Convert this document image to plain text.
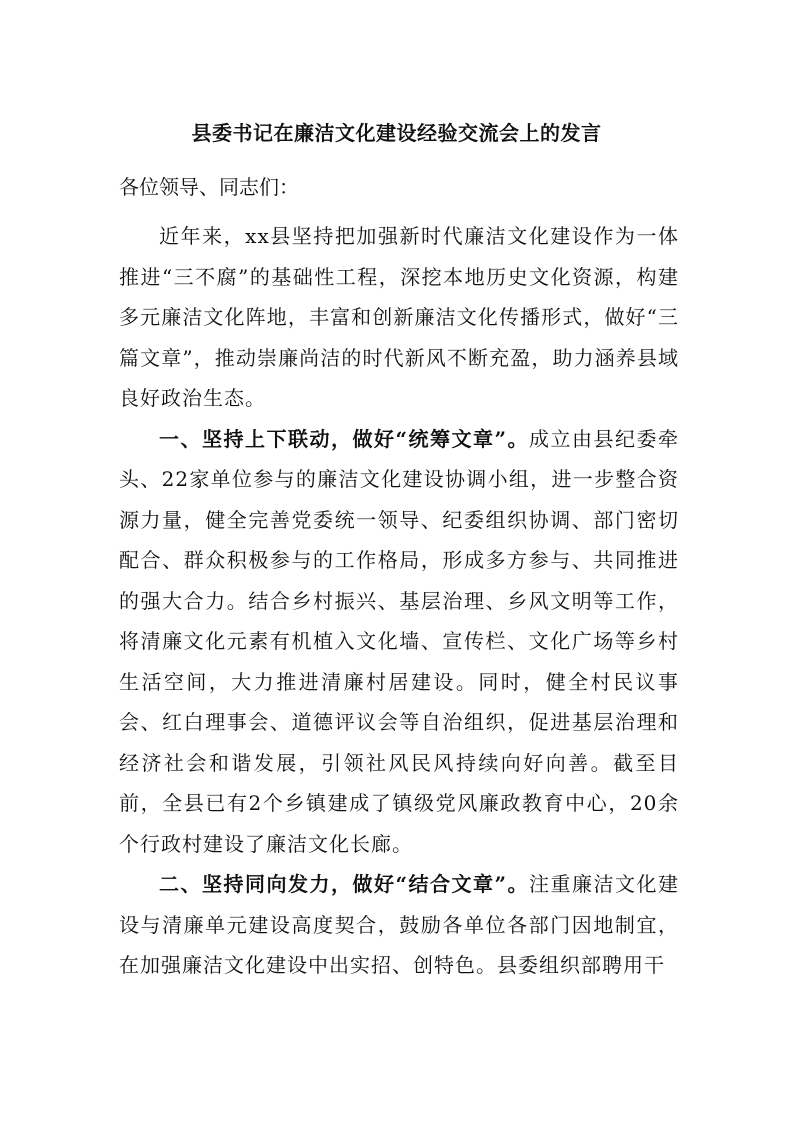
县委书记在廉洁文化建设经验交流会上的发言
各位领导、同志们：

近年来，xx县坚持把加强新时代廉洁文化建设作为一体推进“三不腐”的基础性工程，深挖本地历史文化资源，构建多元廉洁文化阵地，丰富和创新廉洁文化传播形式，做好“三篇文章”，推动崇廉尚洁的时代新风不断充盈，助力涵养县域良好政治生态。

一、坚持上下联动，做好“统筹文章”。成立由县纪委牵头、22家单位参与的廉洁文化建设协调小组，进一步整合资源力量，健全完善党委统一领导、纪委组织协调、部门密切配合、群众积极参与的工作格局，形成多方参与、共同推进的强大合力。结合乡村振兴、基层治理、乡风文明等工作，将清廉文化元素有机植入文化墙、宣传栏、文化广场等乡村生活空间，大力推进清廉村居建设。同时，健全村民议事会、红白理事会、道德评议会等自治组织，促进基层治理和经济社会和谐发展，引领社风民风持续向好向善。截至目前，全县已有2个乡镇建成了镇级党风廉政教育中心，20余个行政村建设了廉洁文化长廊。

二、坚持同向发力，做好“结合文章”。注重廉洁文化建设与清廉单元建设高度契合，鼓励各单位各部门因地制宜，在加强廉洁文化建设中出实招、创特色。县委组织部聘用干
